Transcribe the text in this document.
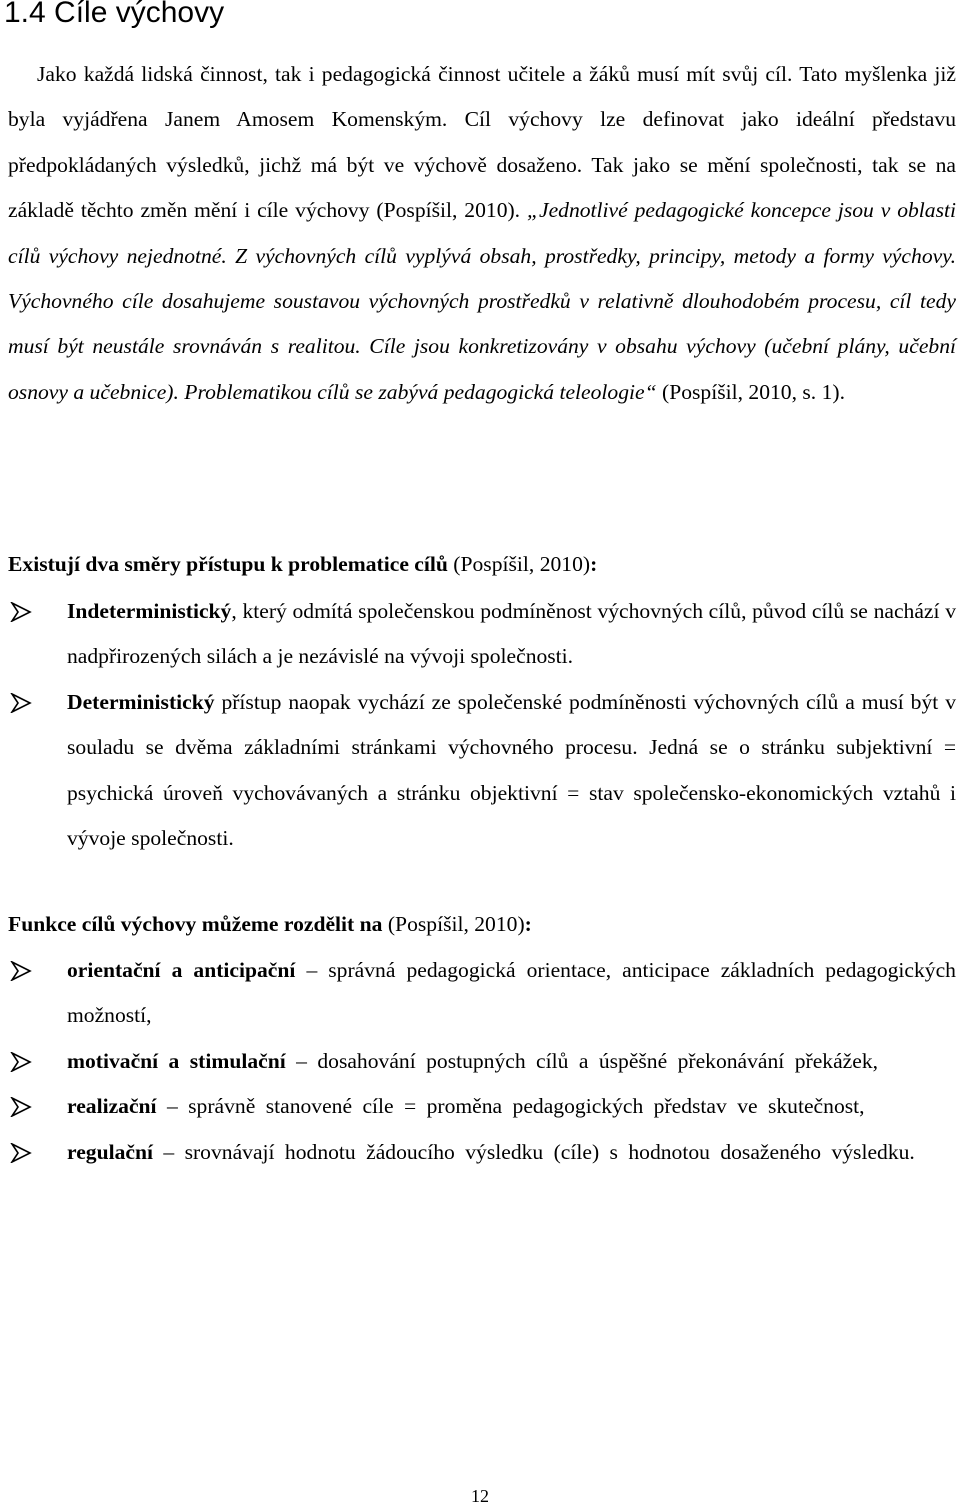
1.4 Cíle výchovy
Jako každá lidská činnost, tak i pedagogická činnost učitele a žáků musí mít svůj cíl. Tato myšlenka již byla vyjádřena Janem Amosem Komenským. Cíl výchovy lze definovat jako ideální představu předpokládaných výsledků, jichž má být ve výchově dosaženo. Tak jako se mění společnosti, tak se na základě těchto změn mění i cíle výchovy (Pospíšil, 2010). „Jednotlivé pedagogické koncepce jsou v oblasti cílů výchovy nejednotné. Z výchovných cílů vyplývá obsah, prostředky, principy, metody a formy výchovy. Výchovného cíle dosahujeme soustavou výchovných prostředků v relativně dlouhodobém procesu, cíl tedy musí být neustále srovnáván s realitou. Cíle jsou konkretizovány v obsahu výchovy (učební plány, učební osnovy a učebnice). Problematikou cílů se zabývá pedagogická teleologie“ (Pospíšil, 2010, s. 1).
Existují dva směry přístupu k problematice cílů (Pospíšil, 2010):
Indeterministický, který odmítá společenskou podmíněnost výchovných cílů, původ cílů se nachází v nadpřirozených silách a je nezávislé na vývoji společnosti.
Deterministický přístup naopak vychází ze společenské podmíněnosti výchovných cílů a musí být v souladu se dvěma základními stránkami výchovného procesu. Jedná se o stránku subjektivní = psychická úroveň vychovávaných a stránku objektivní = stav společensko-ekonomických vztahů i vývoje společnosti.
Funkce cílů výchovy můžeme rozdělit na (Pospíšil, 2010):
orientační a anticipační – správná pedagogická orientace, anticipace základních pedagogických možností,
motivační a stimulační – dosahování postupných cílů a úspěšné překonávání překážek,
realizační – správně stanovené cíle = proměna pedagogických představ ve skutečnost,
regulační – srovnávají hodnotu žádoucího výsledku (cíle) s hodnotou dosaženého výsledku.
12
